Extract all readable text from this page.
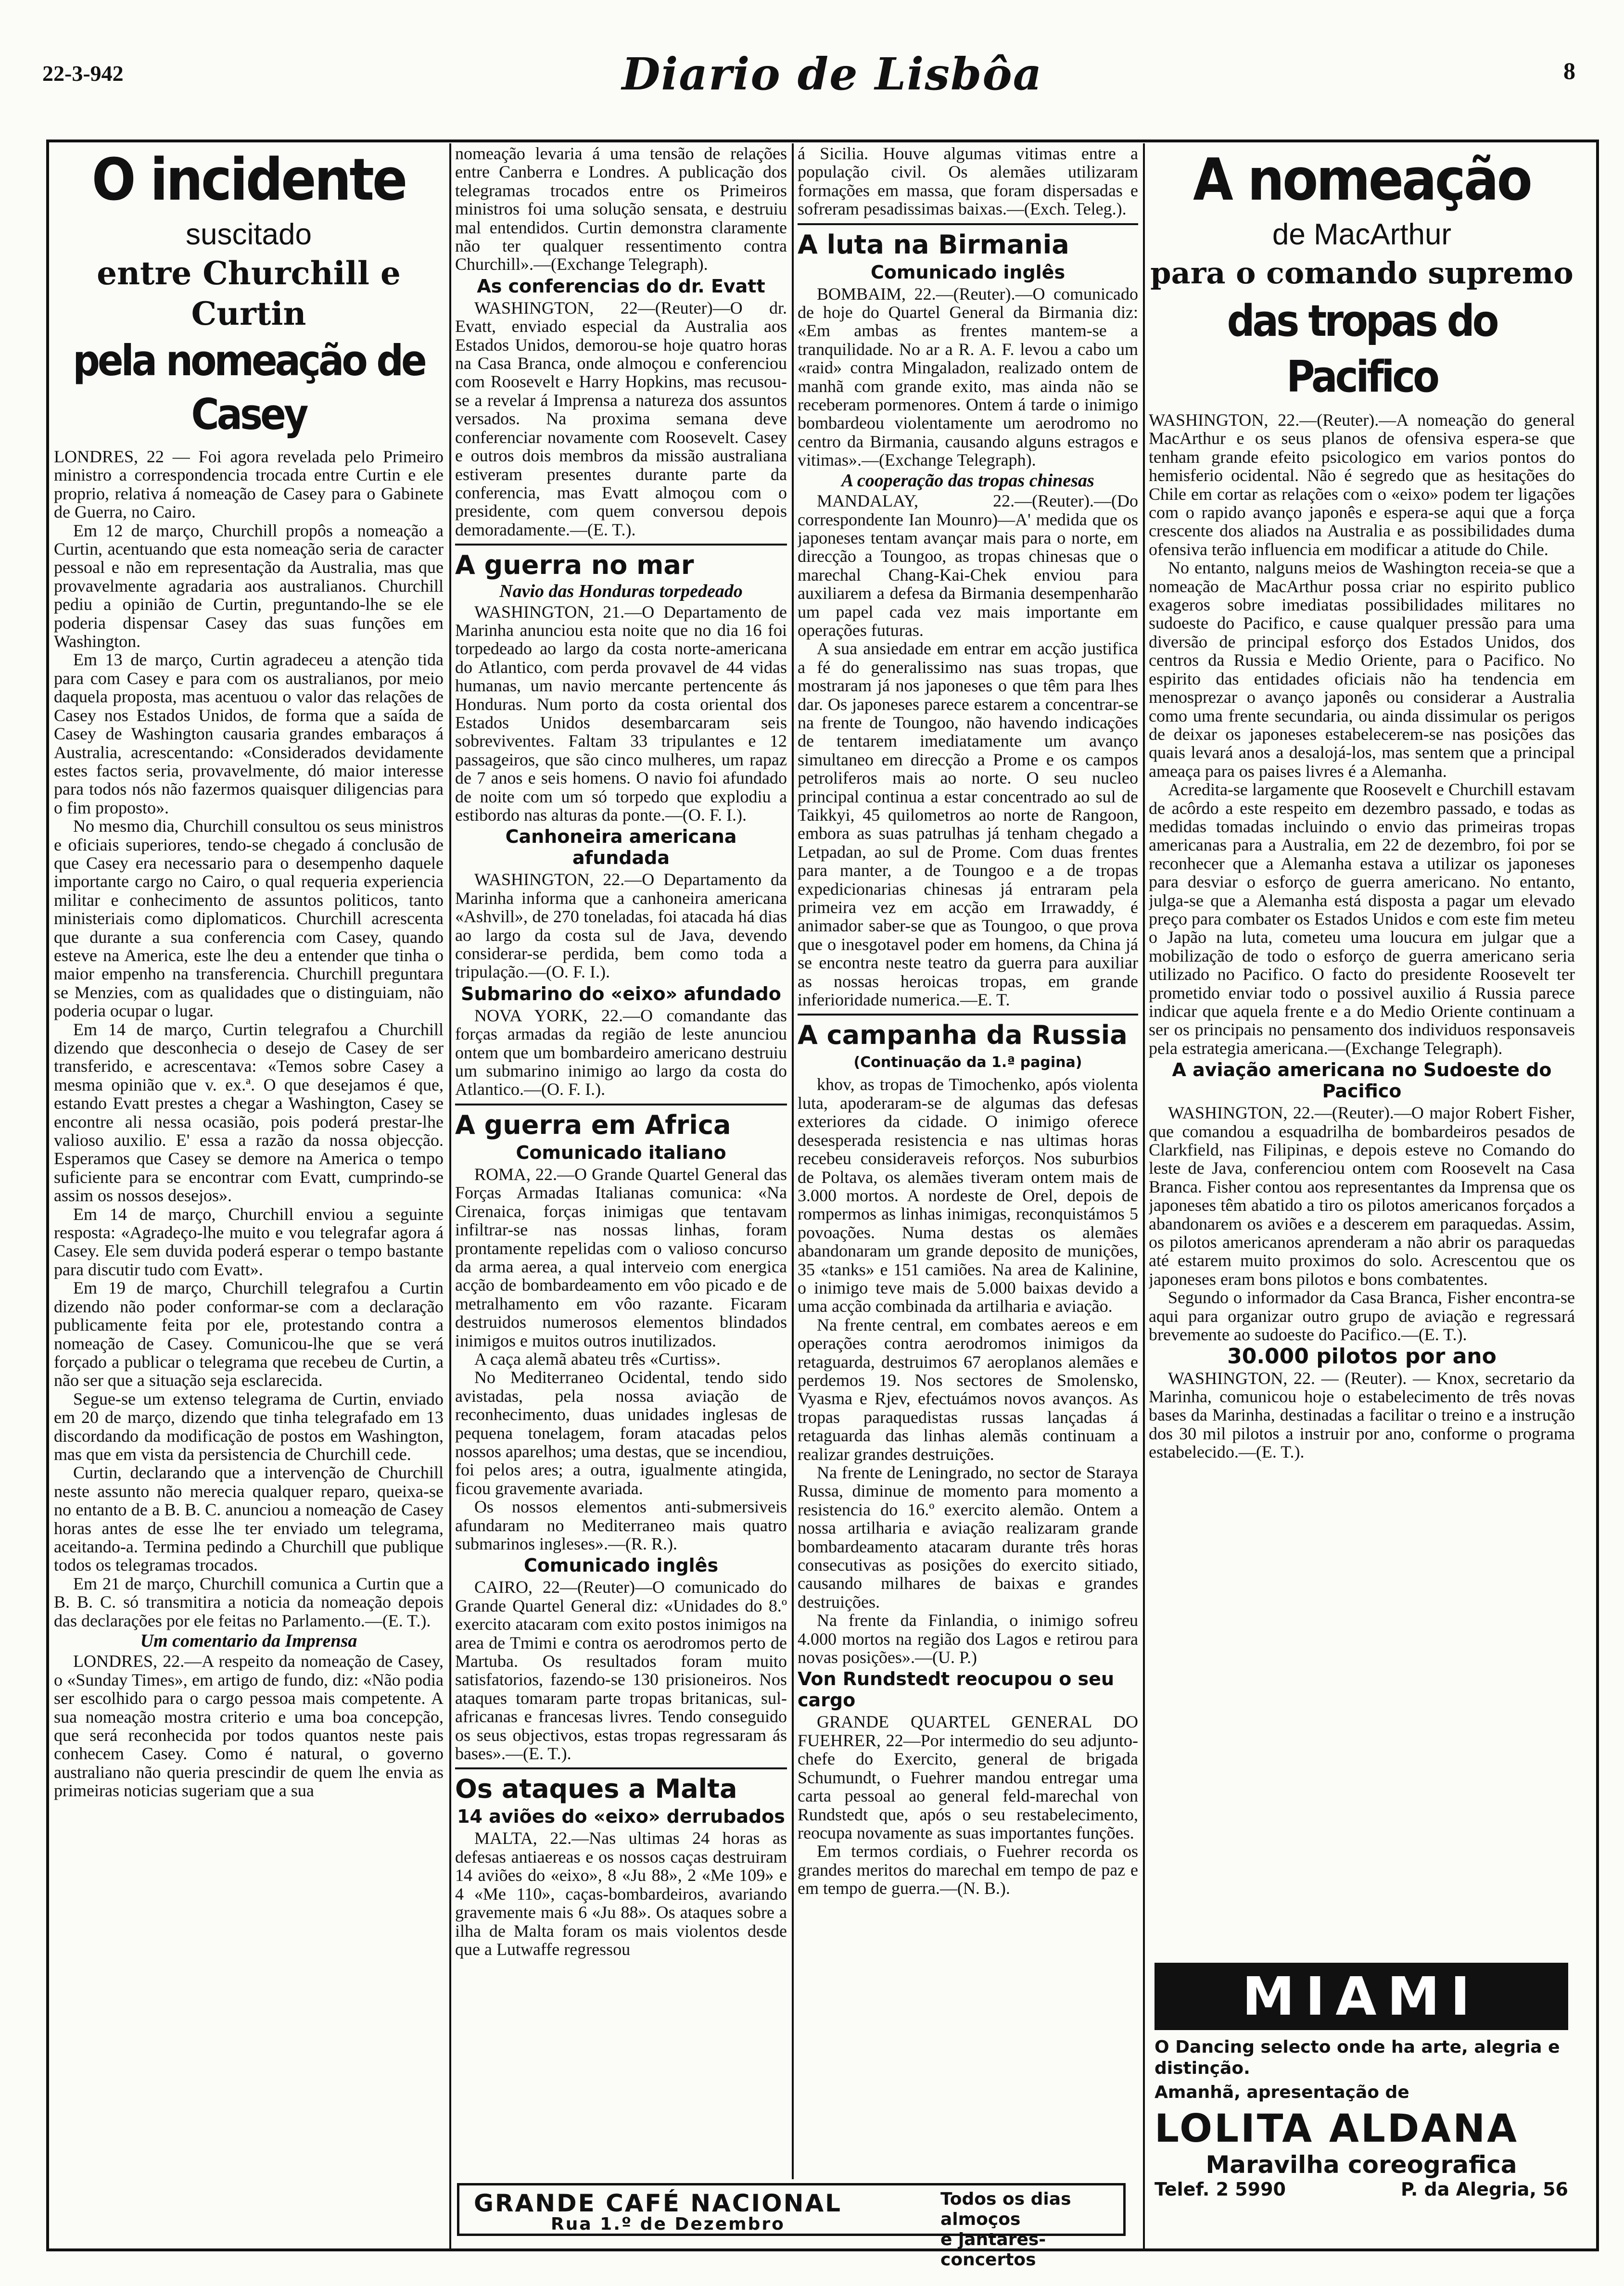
22-3-942	Diario de Lisbôa	8
O incidente
suscitado
entre Churchill e Curtin
pela nomeação de Casey

LONDRES, 22 — Foi agora revelada pelo Primeiro ministro a correspondencia trocada entre Curtin e ele proprio, relativa á nomeação de Casey para o Gabinete de Guerra, no Cairo.

Em 12 de março, Churchill propôs a nomeação a Curtin, acentuando que esta nomeação seria de caracter pessoal e não em representação da Australia, mas que provavelmente agradaria aos australianos. Churchill pediu a opinião de Curtin, preguntando-lhe se ele poderia dispensar Casey das suas funções em Washington.

Em 13 de março, Curtin agradeceu a atenção tida para com Casey e para com os australianos, por meio daquela proposta, mas acentuou o valor das relações de Casey nos Estados Unidos, de forma que a saída de Casey de Washington causaria grandes embaraços á Australia, acrescentando: «Considerados devidamente estes factos seria, provavelmente, dó maior interesse para todos nós não fazermos quaisquer diligencias para o fim proposto».

No mesmo dia, Churchill consultou os seus ministros e oficiais superiores, tendo-se chegado á conclusão de que Casey era necessario para o desempenho daquele importante cargo no Cairo, o qual requeria experiencia militar e conhecimento de assuntos politicos, tanto ministeriais como diplomaticos. Churchill acrescenta que durante a sua conferencia com Casey, quando esteve na America, este lhe deu a entender que tinha o maior empenho na transferencia. Churchill preguntara se Menzies, com as qualidades que o distinguiam, não poderia ocupar o lugar.

Em 14 de março, Curtin telegrafou a Churchill dizendo que desconhecia o desejo de Casey de ser transferido, e acrescentava: «Temos sobre Casey a mesma opinião que v. ex.ª. O que desejamos é que, estando Evatt prestes a chegar a Washington, Casey se encontre ali nessa ocasião, pois poderá prestar-lhe valioso auxilio. E' essa a razão da nossa objecção. Esperamos que Casey se demore na America o tempo suficiente para se encontrar com Evatt, cumprindo-se assim os nossos desejos».

Em 14 de março, Churchill enviou a seguinte resposta: «Agradeço-lhe muito e vou telegrafar agora á Casey. Ele sem duvida poderá esperar o tempo bastante para discutir tudo com Evatt».

Em 19 de março, Churchill telegrafou a Curtin dizendo não poder conformar-se com a declaração publicamente feita por ele, protestando contra a nomeação de Casey. Comunicou-lhe que se verá forçado a publicar o telegrama que recebeu de Curtin, a não ser que a situação seja esclarecida.

Segue-se um extenso telegrama de Curtin, enviado em 20 de março, dizendo que tinha telegrafado em 13 discordando da modificação de postos em Washington, mas que em vista da persistencia de Churchill cede.

Curtin, declarando que a intervenção de Churchill neste assunto não merecia qualquer reparo, queixa-se no entanto de a B. B. C. anunciou a nomeação de Casey horas antes de esse lhe ter enviado um telegrama, aceitando-a. Termina pedindo a Churchill que publique todos os telegramas trocados.

Em 21 de março, Churchill comunica a Curtin que a B. B. C. só transmitira a noticia da nomeação depois das declarações por ele feitas no Parlamento.—(E. T.).

Um comentario da Imprensa

LONDRES, 22.—A respeito da nomeação de Casey, o «Sunday Times», em artigo de fundo, diz: «Não podia ser escolhido para o cargo pessoa mais competente. A sua nomeação mostra criterio e uma boa concepção, que será reconhecida por todos quantos neste pais conhecem Casey. Como é natural, o governo australiano não queria prescindir de quem lhe envia as primeiras noticias sugeriam que a sua

nomeação levaria á uma tensão de relações entre Canberra e Londres. A publicação dos telegramas trocados entre os Primeiros ministros foi uma solução sensata, e destruiu mal entendidos. Curtin demonstra claramente não ter qualquer ressentimento contra Churchill».—(Exchange Telegraph).

As conferencias do dr. Evatt

WASHINGTON, 22—(Reuter)—O dr. Evatt, enviado especial da Australia aos Estados Unidos, demorou-se hoje quatro horas na Casa Branca, onde almoçou e conferenciou com Roosevelt e Harry Hopkins, mas recusou-se a revelar á Imprensa a natureza dos assuntos versados. Na proxima semana deve conferenciar novamente com Roosevelt. Casey e outros dois membros da missão australiana estiveram presentes durante parte da conferencia, mas Evatt almoçou com o presidente, com quem conversou depois demoradamente.—(E. T.).

A guerra no mar
Navio das Honduras torpedeado

WASHINGTON, 21.—O Departamento de Marinha anunciou esta noite que no dia 16 foi torpedeado ao largo da costa norte-americana do Atlantico, com perda provavel de 44 vidas humanas, um navio mercante pertencente ás Honduras. Num porto da costa oriental dos Estados Unidos desembarcaram seis sobreviventes. Faltam 33 tripulantes e 12 passageiros, que são cinco mulheres, um rapaz de 7 anos e seis homens. O navio foi afundado de noite com um só torpedo que explodiu a estibordo nas alturas da ponte.—(O. F. I.).

Canhoneira americana afundada

WASHINGTON, 22.—O Departamento da Marinha informa que a canhoneira americana «Ashvill», de 270 toneladas, foi atacada há dias ao largo da costa sul de Java, devendo considerar-se perdida, bem como toda a tripulação.—(O. F. I.).

Submarino do «eixo» afundado

NOVA YORK, 22.—O comandante das forças armadas da região de leste anunciou ontem que um bombardeiro americano destruiu um submarino inimigo ao largo da costa do Atlantico.—(O. F. I.).

A guerra em Africa
Comunicado italiano

ROMA, 22.—O Grande Quartel General das Forças Armadas Italianas comunica: «Na Cirenaica, forças inimigas que tentavam infiltrar-se nas nossas linhas, foram prontamente repelidas com o valioso concurso da arma aerea, a qual interveio com energica acção de bombardeamento em vôo picado e de metralhamento em vôo razante. Ficaram destruidos numerosos elementos blindados inimigos e muitos outros inutilizados.

A caça alemã abateu três «Curtiss».

No Mediterraneo Ocidental, tendo sido avistadas, pela nossa aviação de reconhecimento, duas unidades inglesas de pequena tonelagem, foram atacadas pelos nossos aparelhos; uma destas, que se incendiou, foi pelos ares; a outra, igualmente atingida, ficou gravemente avariada.

Os nossos elementos anti-submersiveis afundaram no Mediterraneo mais quatro submarinos ingleses».—(R. R.).

Comunicado inglês

CAIRO, 22—(Reuter)—O comunicado do Grande Quartel General diz: «Unidades do 8.º exercito atacaram com exito postos inimigos na area de Tmimi e contra os aerodromos perto de Martuba. Os resultados foram muito satisfatorios, fazendo-se 130 prisioneiros. Nos ataques tomaram parte tropas britanicas, sul-africanas e francesas livres. Tendo conseguido os seus objectivos, estas tropas regressaram ás bases».—(E. T.).

Os ataques a Malta
14 aviões do «eixo» derrubados

MALTA, 22.—Nas ultimas 24 horas as defesas antiaereas e os nossos caças destruiram 14 aviões do «eixo», 8 «Ju 88», 2 «Me 109» e 4 «Me 110», caças-bombardeiros, avariando gravemente mais 6 «Ju 88». Os ataques sobre a ilha de Malta foram os mais violentos desde que a Lutwaffe regressou

á Sicilia. Houve algumas vitimas entre a população civil. Os alemães utilizaram formações em massa, que foram dispersadas e sofreram pesadissimas baixas.—(Exch. Teleg.).

A luta na Birmania
Comunicado inglês

BOMBAIM, 22.—(Reuter).—O comunicado de hoje do Quartel General da Birmania diz: «Em ambas as frentes mantem-se a tranquilidade. No ar a R. A. F. levou a cabo um «raid» contra Mingaladon, realizado ontem de manhã com grande exito, mas ainda não se receberam pormenores. Ontem á tarde o inimigo bombardeou violentamente um aerodromo no centro da Birmania, causando alguns estragos e vitimas».—(Exchange Telegraph).

A cooperação das tropas chinesas

MANDALAY, 22.—(Reuter).—(Do correspondente Ian Mounro)—A' medida que os japoneses tentam avançar mais para o norte, em direcção a Toungoo, as tropas chinesas que o marechal Chang-Kai-Chek enviou para auxiliarem a defesa da Birmania desempenharão um papel cada vez mais importante em operações futuras.

A sua ansiedade em entrar em acção justifica a fé do generalissimo nas suas tropas, que mostraram já nos japoneses o que têm para lhes dar. Os japoneses parece estarem a concentrar-se na frente de Toungoo, não havendo indicações de tentarem imediatamente um avanço simultaneo em direcção a Prome e os campos petroliferos mais ao norte. O seu nucleo principal continua a estar concentrado ao sul de Taikkyi, 45 quilometros ao norte de Rangoon, embora as suas patrulhas já tenham chegado a Letpadan, ao sul de Prome. Com duas frentes para manter, a de Toungoo e a de tropas expedicionarias chinesas já entraram pela primeira vez em acção em Irrawaddy, é animador saber-se que as Toungoo, o que prova que o inesgotavel poder em homens, da China já se encontra neste teatro da guerra para auxiliar as nossas heroicas tropas, em grande inferioridade numerica.—E. T.

A campanha da Russia
(Continuação da 1.ª pagina)

khov, as tropas de Timochenko, após violenta luta, apoderaram-se de algumas das defesas exteriores da cidade. O inimigo oferece desesperada resistencia e nas ultimas horas recebeu consideraveis reforços. Nos suburbios de Poltava, os alemães tiveram ontem mais de 3.000 mortos. A nordeste de Orel, depois de rompermos as linhas inimigas, reconquistámos 5 povoações. Numa destas os alemães abandonaram um grande deposito de munições, 35 «tanks» e 151 camiões. Na area de Kalinine, o inimigo teve mais de 5.000 baixas devido a uma acção combinada da artilharia e aviação.

Na frente central, em combates aereos e em operações contra aerodromos inimigos da retaguarda, destruimos 67 aeroplanos alemães e perdemos 19. Nos sectores de Smolensko, Vyasma e Rjev, efectuámos novos avanços. As tropas paraquedistas russas lançadas á retaguarda das linhas alemãs continuam a realizar grandes destruições.

Na frente de Leningrado, no sector de Staraya Russa, diminue de momento para momento a resistencia do 16.º exercito alemão. Ontem a nossa artilharia e aviação realizaram grande bombardeamento atacaram durante três horas consecutivas as posições do exercito sitiado, causando milhares de baixas e grandes destruições.

Na frente da Finlandia, o inimigo sofreu 4.000 mortos na região dos Lagos e retirou para novas posições».—(U. P.)

Von Rundstedt reocupou o seu cargo

GRANDE QUARTEL GENERAL DO FUEHRER, 22—Por intermedio do seu adjunto-chefe do Exercito, general de brigada Schumundt, o Fuehrer mandou entregar uma carta pessoal ao general feld-marechal von Rundstedt que, após o seu restabelecimento, reocupa novamente as suas importantes funções.

Em termos cordiais, o Fuehrer recorda os grandes meritos do marechal em tempo de paz e em tempo de guerra.—(N. B.).

A nomeação
de MacArthur
para o comando supremo
das tropas do Pacifico

WASHINGTON, 22.—(Reuter).—A nomeação do general MacArthur e os seus planos de ofensiva espera-se que tenham grande efeito psicologico em varios pontos do hemisferio ocidental. Não é segredo que as hesitações do Chile em cortar as relações com o «eixo» podem ter ligações com o rapido avanço japonês e espera-se aqui que a força crescente dos aliados na Australia e as possibilidades duma ofensiva terão influencia em modificar a atitude do Chile.

No entanto, nalguns meios de Washington receia-se que a nomeação de MacArthur possa criar no espirito publico exageros sobre imediatas possibilidades militares no sudoeste do Pacifico, e cause qualquer pressão para uma diversão de principal esforço dos Estados Unidos, dos centros da Russia e Medio Oriente, para o Pacifico. No espirito das entidades oficiais não ha tendencia em menosprezar o avanço japonês ou considerar a Australia como uma frente secundaria, ou ainda dissimular os perigos de deixar os japoneses estabelecerem-se nas posições das quais levará anos a desalojá-los, mas sentem que a principal ameaça para os paises livres é a Alemanha.

Acredita-se largamente que Roosevelt e Churchill estavam de acôrdo a este respeito em dezembro passado, e todas as medidas tomadas incluindo o envio das primeiras tropas americanas para a Australia, em 22 de dezembro, foi por se reconhecer que a Alemanha estava a utilizar os japoneses para desviar o esforço de guerra americano. No entanto, julga-se que a Alemanha está disposta a pagar um elevado preço para combater os Estados Unidos e com este fim meteu o Japão na luta, cometeu uma loucura em julgar que a mobilização de todo o esforço de guerra americano seria utilizado no Pacifico. O facto do presidente Roosevelt ter prometido enviar todo o possivel auxilio á Russia parece indicar que aquela frente e a do Medio Oriente continuam a ser os principais no pensamento dos individuos responsaveis pela estrategia americana.—(Exchange Telegraph).

A aviação americana no Sudoeste do Pacifico

WASHINGTON, 22.—(Reuter).—O major Robert Fisher, que comandou a esquadrilha de bombardeiros pesados de Clarkfield, nas Filipinas, e depois esteve no Comando do leste de Java, conferenciou ontem com Roosevelt na Casa Branca. Fisher contou aos representantes da Imprensa que os japoneses têm abatido a tiro os pilotos americanos forçados a abandonarem os aviões e a descerem em paraquedas. Assim, os pilotos americanos aprenderam a não abrir os paraquedas até estarem muito proximos do solo. Acrescentou que os japoneses eram bons pilotos e bons combatentes.

Segundo o informador da Casa Branca, Fisher encontra-se aqui para organizar outro grupo de aviação e regressará brevemente ao sudoeste do Pacifico.—(E. T.).

30.000 pilotos por ano

WASHINGTON, 22. — (Reuter). — Knox, secretario da Marinha, comunicou hoje o estabelecimento de três novas bases da Marinha, destinadas a facilitar o treino e a instrução dos 30 mil pilotos a instruir por ano, conforme o programa estabelecido.—(E. T.).

GRANDE CAFÉ NACIONAL
Rua 1.º de Dezembro
Todos os dias almoços
e jantares-concertos
MIAMI
O Dancing selecto onde ha arte, alegria e distinção.
Amanhã, apresentação de
LOLITA ALDANA
Maravilha coreografica
Telef. 2 5990	P. da Alegria, 56
